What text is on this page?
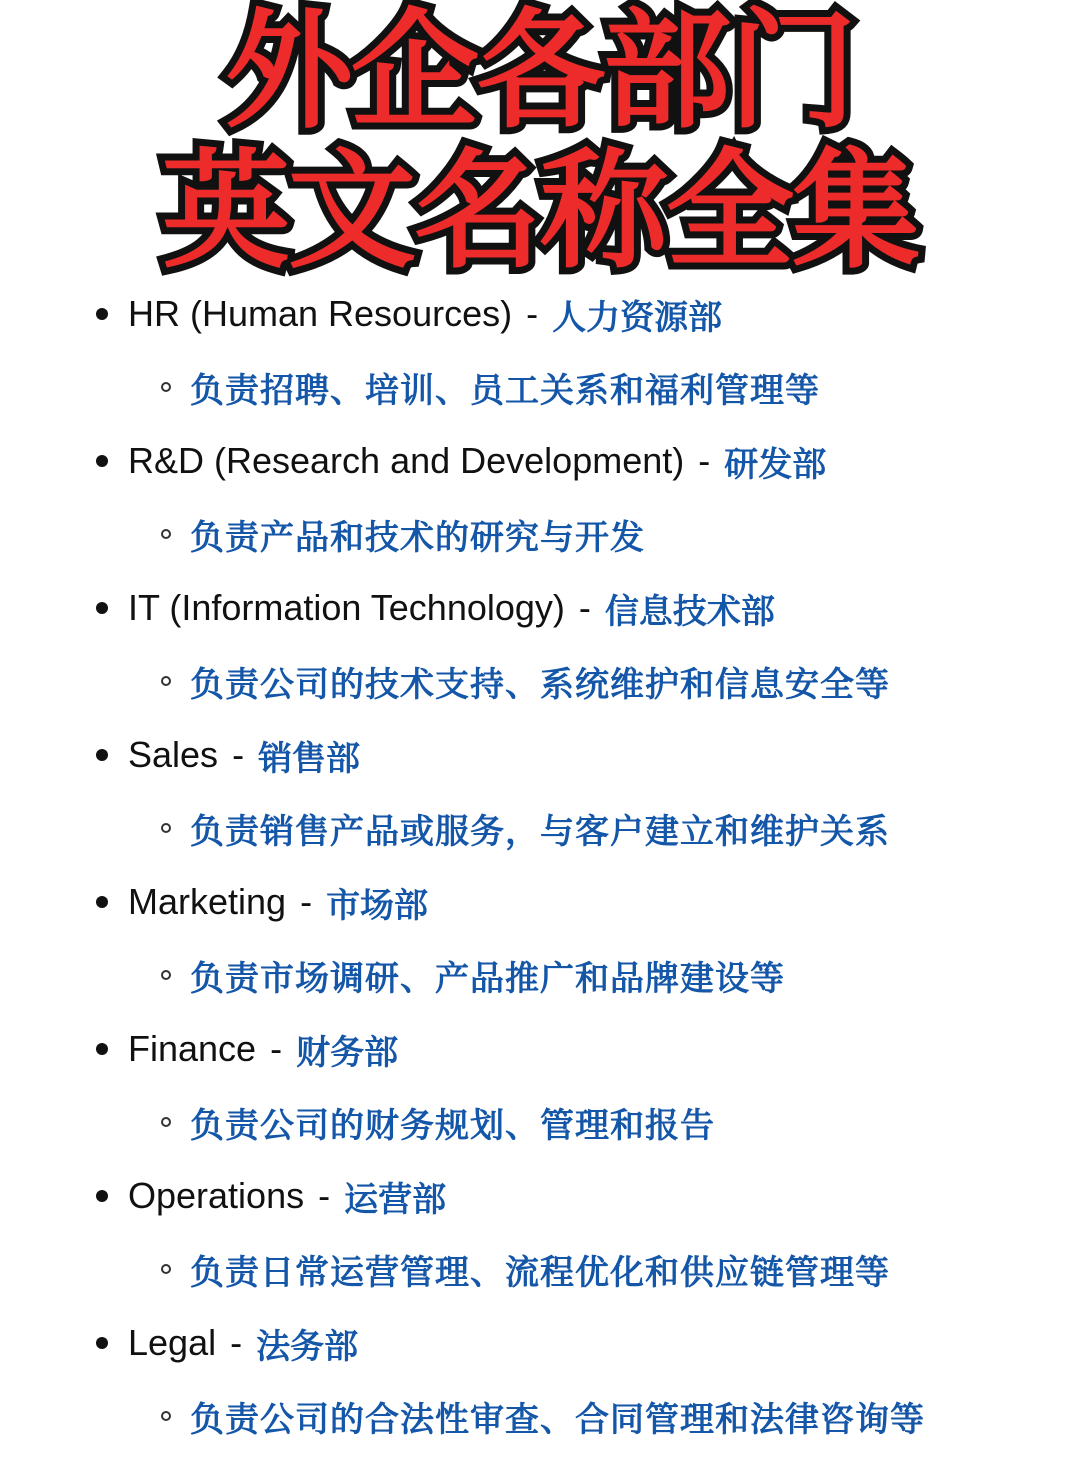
外企各部门
英文名称全集
HR (Human Resources) - 人力资源部
负责招聘、培训、员工关系和福利管理等
R&D (Research and Development) - 研发部
负责产品和技术的研究与开发
IT (Information Technology) - 信息技术部
负责公司的技术支持、系统维护和信息安全等
Sales - 销售部
负责销售产品或服务，与客户建立和维护关系
Marketing - 市场部
负责市场调研、产品推广和品牌建设等
Finance - 财务部
负责公司的财务规划、管理和报告
Operations - 运营部
负责日常运营管理、流程优化和供应链管理等
Legal - 法务部
负责公司的合法性审查、合同管理和法律咨询等
